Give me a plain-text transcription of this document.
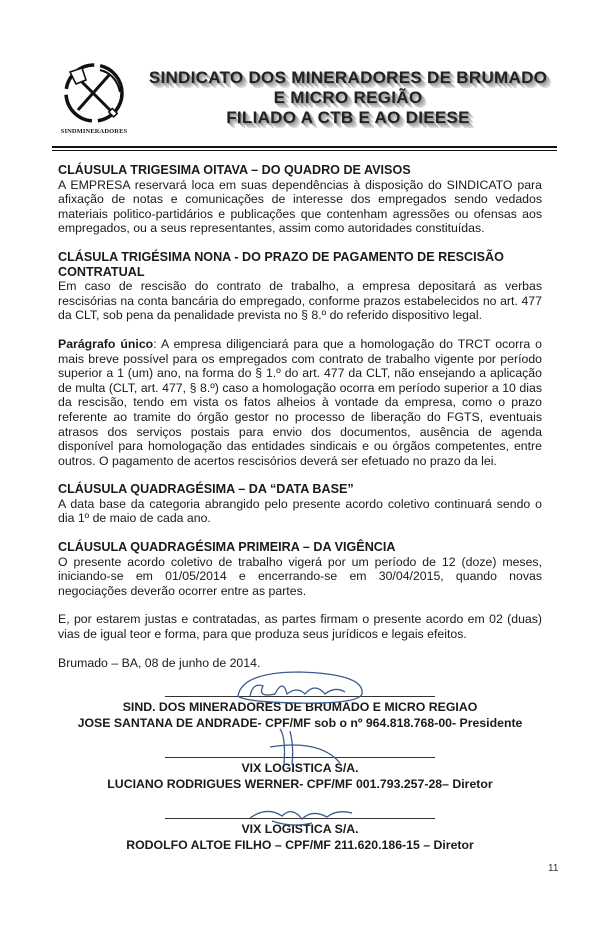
SINDMINERADORES
SINDICATO DOS MINERADORES DE BRUMADO
E MICRO REGIÃO
FILIADO A CTB E AO DIEESE
CLÁUSULA TRIGESIMA OITAVA – DO QUADRO DE AVISOS

A EMPRESA reservará loca em suas dependências à disposição do SINDICATO para afixação de notas e comunicações de interesse dos empregados sendo vedados materiais politico-partidários e publicações que contenham agressões ou ofensas aos empregados, ou a seus representantes, assim como autoridades constituídas.

CLÁSULA TRIGÉSIMA NONA - DO PRAZO DE PAGAMENTO DE RESCISÃO CONTRATUAL

Em caso de rescisão do contrato de trabalho, a empresa depositará as verbas rescisórias na conta bancária do empregado, conforme prazos estabelecidos no art. 477 da CLT, sob pena da penalidade prevista no § 8.º do referido dispositivo legal.

Parágrafo único: A empresa diligenciará para que a homologação do TRCT ocorra o mais breve possível para os empregados com contrato de trabalho vigente por período superior a 1 (um) ano, na forma do § 1.º do art. 477 da CLT, não ensejando a aplicação de multa (CLT, art. 477, § 8.º) caso a homologação ocorra em período superior a 10 dias da rescisão, tendo em vista os fatos alheios à vontade da empresa, como o prazo referente ao tramite do órgão gestor no processo de liberação do FGTS, eventuais atrasos dos serviços postais para envio dos documentos, ausência de agenda disponível para homologação das entidades sindicais e ou órgãos competentes, entre outros. O pagamento de acertos rescisórios deverá ser efetuado no prazo da lei.

CLÁUSULA QUADRAGÉSIMA – DA “DATA BASE”

A data base da categoria abrangido pelo presente acordo coletivo continuará sendo o dia 1º de maio de cada ano.

CLÁUSULA QUADRAGÉSIMA PRIMEIRA – DA VIGÊNCIA

O presente acordo coletivo de trabalho vigerá por um período de 12 (doze) meses, iniciando-se em 01/05/2014 e encerrando-se em 30/04/2015, quando novas negociações deverão ocorrer entre as partes.

E, por estarem justas e contratadas, as partes firmam o presente acordo em 02 (duas) vias de igual teor e forma, para que produza seus jurídicos e legais efeitos.

Brumado – BA, 08 de junho de 2014.

SIND. DOS MINERADORES DE BRUMADO E MICRO REGIAO
JOSE SANTANA DE ANDRADE- CPF/MF sob o nº 964.818.768-00- Presidente
VIX LOGISTICA S/A.
LUCIANO RODRIGUES WERNER- CPF/MF 001.793.257-28– Diretor
VIX LOGISTICA S/A.
RODOLFO ALTOE FILHO – CPF/MF 211.620.186-15 – Diretor
11
